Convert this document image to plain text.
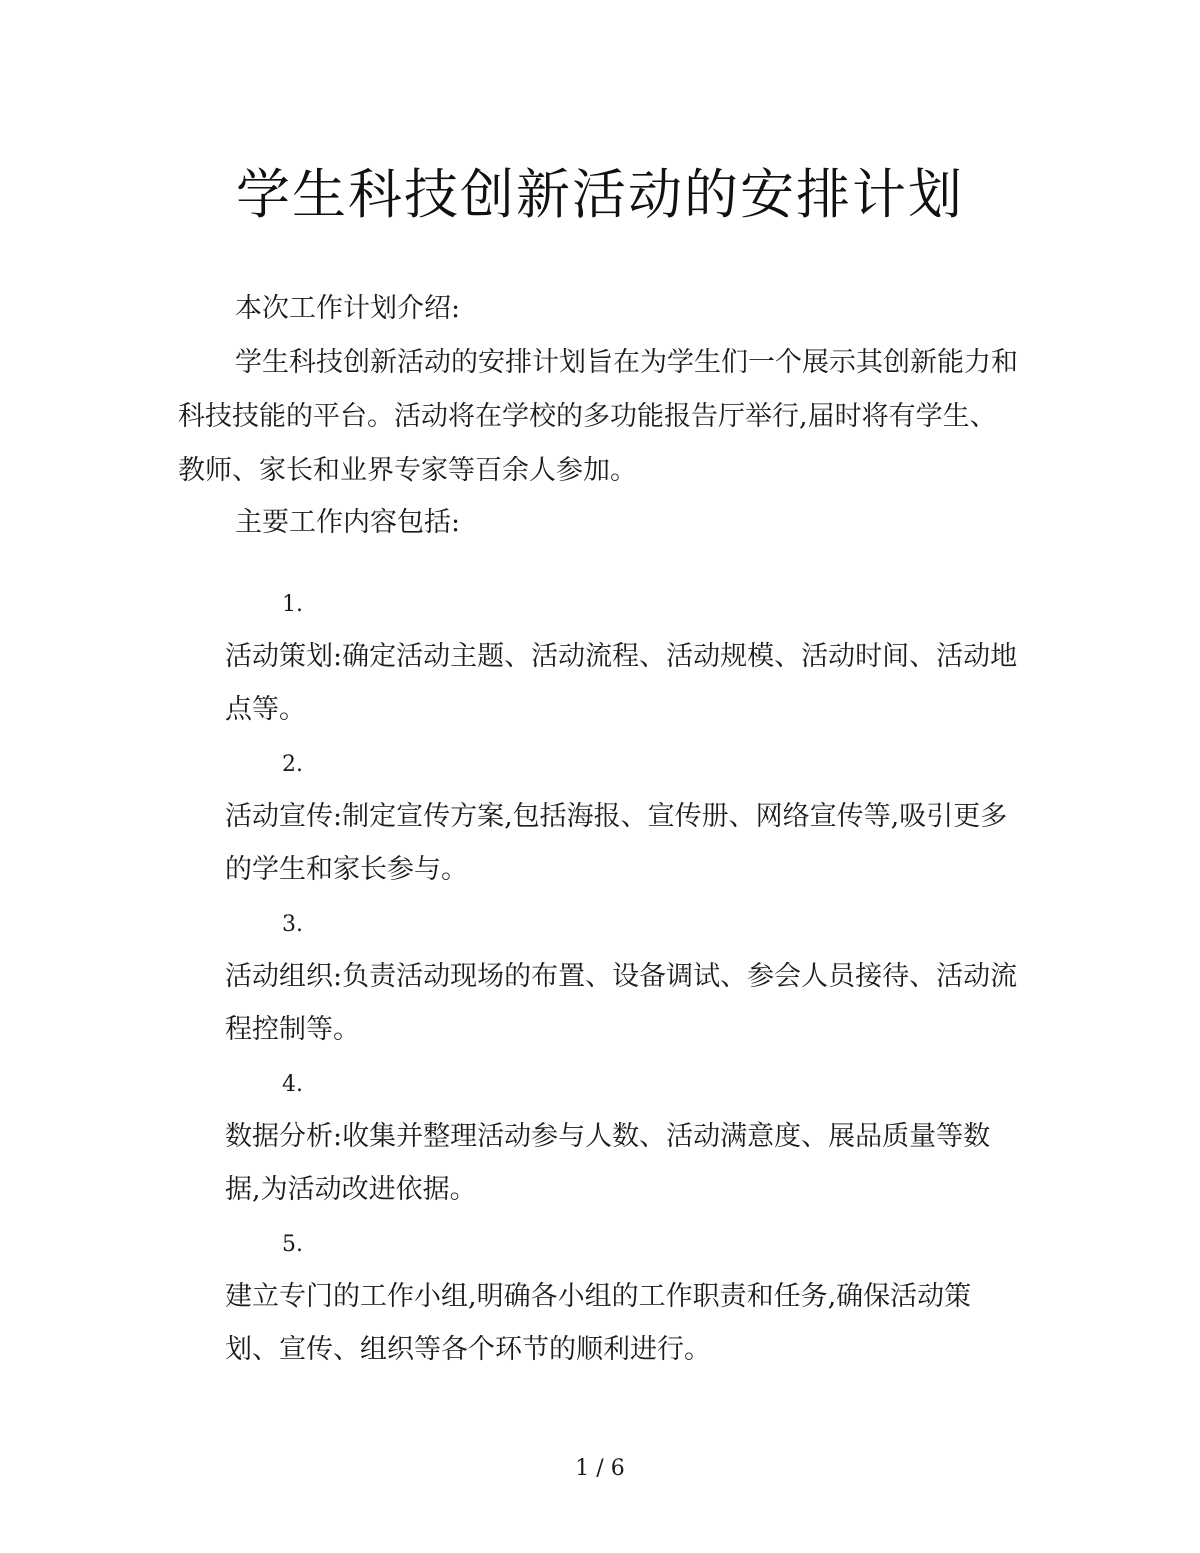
学生科技创新活动的安排计划

本次工作计划介绍:

学生科技创新活动的安排计划旨在为学生们一个展示其创新能力和科技技能的平台。活动将在学校的多功能报告厅举行,届时将有学生、教师、家长和业界专家等百余人参加。

主要工作内容包括:

1.

活动策划:确定活动主题、活动流程、活动规模、活动时间、活动地点等。

2.

活动宣传:制定宣传方案,包括海报、宣传册、网络宣传等,吸引更多的学生和家长参与。

3.

活动组织:负责活动现场的布置、设备调试、参会人员接待、活动流程控制等。

4.

数据分析:收集并整理活动参与人数、活动满意度、展品质量等数据,为活动改进依据。

5.

建立专门的工作小组,明确各小组的工作职责和任务,确保活动策划、宣传、组织等各个环节的顺利进行。

1 / 6
